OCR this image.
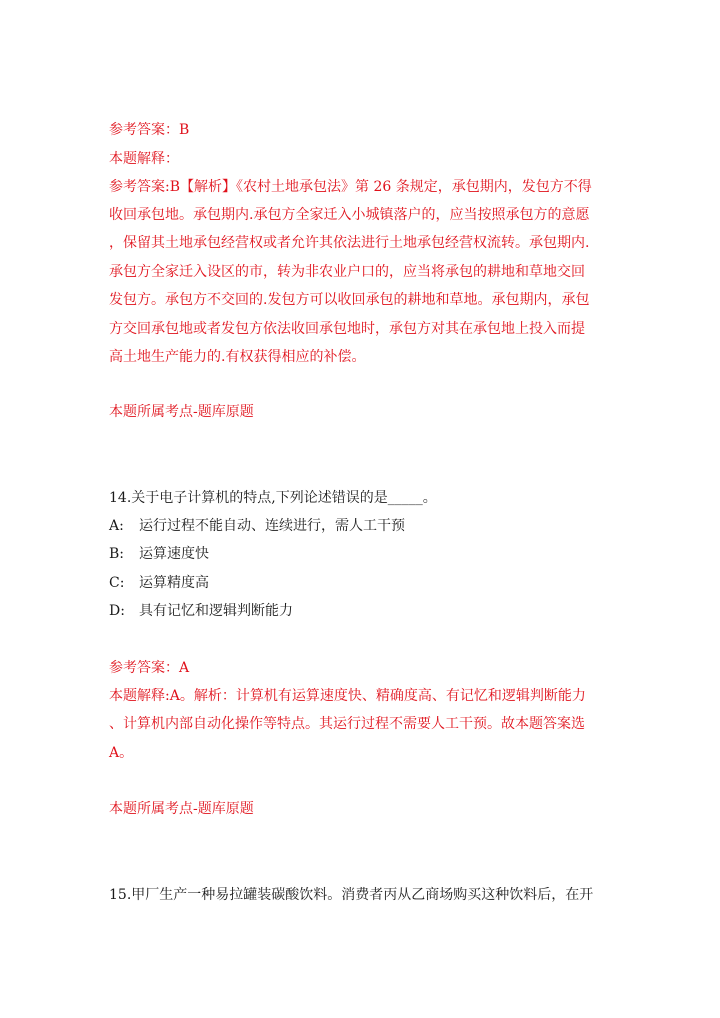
参考答案：B
本题解释：
参考答案:B【解析】《农村土地承包法》第 26 条规定，承包期内，发包方不得
收回承包地。承包期内.承包方全家迁入小城镇落户的，应当按照承包方的意愿
，保留其土地承包经营权或者允许其依法进行土地承包经营权流转。承包期内.
承包方全家迁入设区的市，转为非农业户口的，应当将承包的耕地和草地交回
发包方。承包方不交回的.发包方可以收回承包的耕地和草地。承包期内，承包
方交回承包地或者发包方依法收回承包地时，承包方对其在承包地上投入而提
高土地生产能力的.有权获得相应的补偿。
本题所属考点-题库原题
14.关于电子计算机的特点,下列论述错误的是_____。
A: 运行过程不能自动、连续进行，需人工干预
B: 运算速度快
C: 运算精度高
D: 具有记忆和逻辑判断能力
参考答案：A
本题解释:A。解析：计算机有运算速度快、精确度高、有记忆和逻辑判断能力
、计算机内部自动化操作等特点。其运行过程不需要人工干预。故本题答案选
A。
本题所属考点-题库原题
15.甲厂生产一种易拉罐装碳酸饮料。消费者丙从乙商场购买这种饮料后，在开
